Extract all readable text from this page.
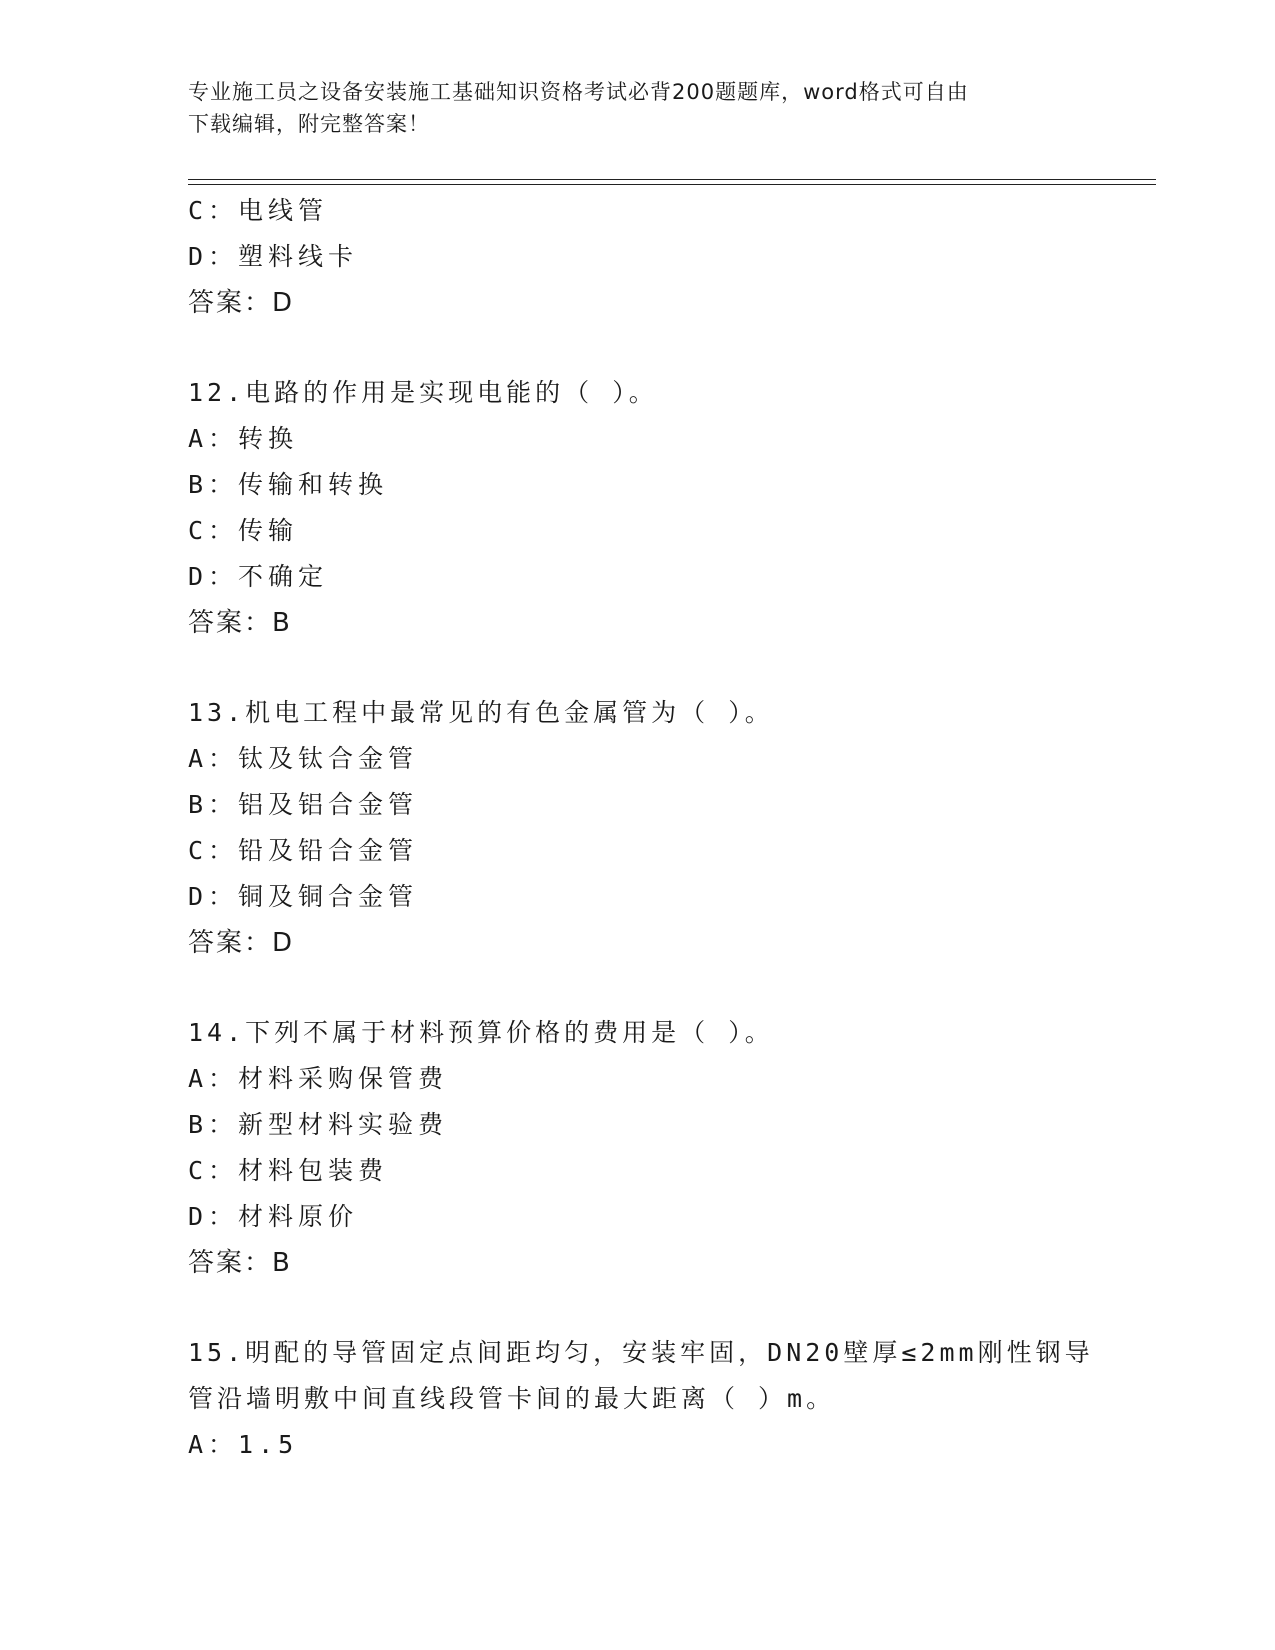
专业施工员之设备安装施工基础知识资格考试必背200题题库，word格式可自由
下载编辑，附完整答案！
C：电线管
D：塑料线卡
答案：D
12.电路的作用是实现电能的（ ）。
A：转换
B：传输和转换
C：传输
D：不确定
答案：B
13.机电工程中最常见的有色金属管为（ ）。
A：钛及钛合金管
B：铝及铝合金管
C：铅及铅合金管
D：铜及铜合金管
答案：D
14.下列不属于材料预算价格的费用是（ ）。
A：材料采购保管费
B：新型材料实验费
C：材料包装费
D：材料原价
答案：B
15.明配的导管固定点间距均匀，安装牢固，DN20壁厚≤2mm刚性钢导
管沿墙明敷中间直线段管卡间的最大距离（ ）m。
A：1.5
